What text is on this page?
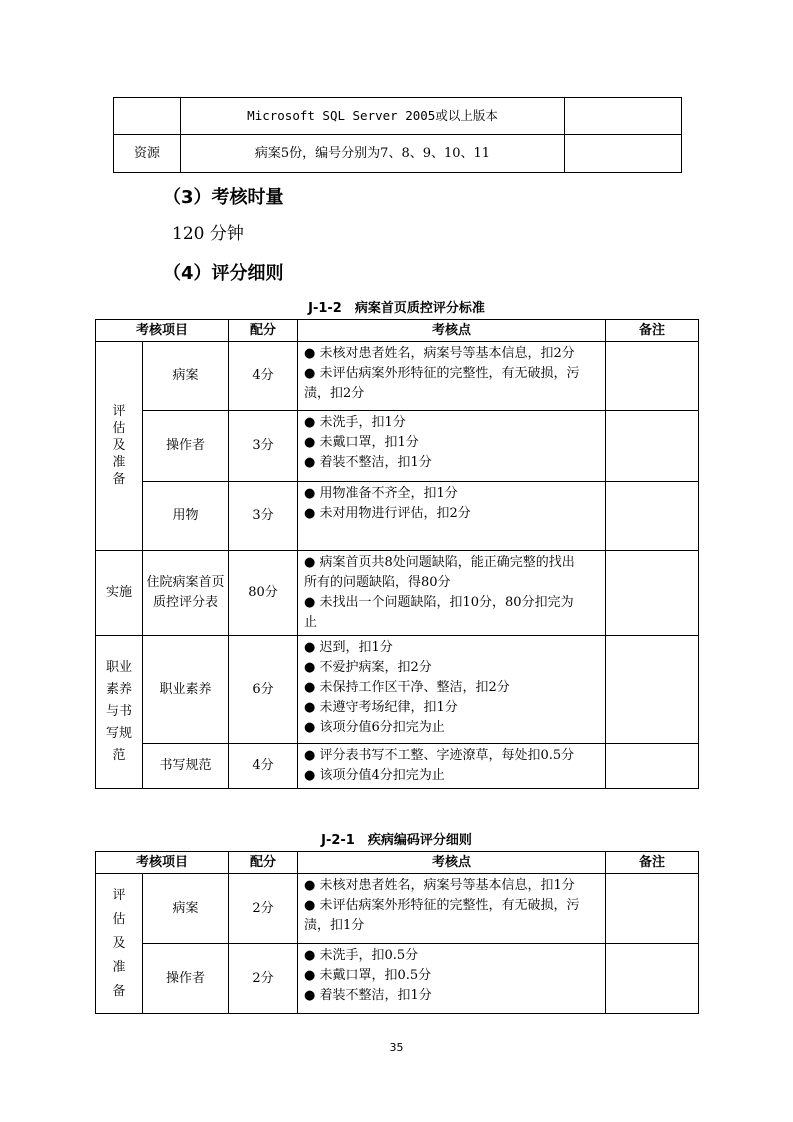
	Microsoft SQL Server 2005或以上版本	
资源	病案5份，编号分别为7、8、9、10、11	
（3）考核时量
120 分钟
（4）评分细则
J-1-2　病案首页质控评分标准
考核项目		配分	考核点	备注
评估及准备	病案	4分	● 未核对患者姓名，病案号等基本信息，扣2分
● 未评估病案外形特征的完整性，有无破损，污
渍，扣2分	

	操作者	3分	● 未洗手，扣1分
● 未戴口罩，扣1分
● 着装不整洁，扣1分	

	用物	3分	● 用物准备不齐全，扣1分
● 未对用物进行评估，扣2分	

实施	住院病案首页质控评分表	80分	● 病案首页共8处问题缺陷，能正确完整的找出
所有的问题缺陷，得80分
● 未找出一个问题缺陷，扣10分，80分扣完为
止	

职业素养与书写规范	职业素养	6分	● 迟到，扣1分
● 不爱护病案，扣2分
● 未保持工作区干净、整洁，扣2分
● 未遵守考场纪律，扣1分
● 该项分值6分扣完为止	

	书写规范	4分	● 评分表书写不工整、字迹潦草，每处扣0.5分
● 该项分值4分扣完为止	

J-2-1　疾病编码评分细则
考核项目		配分	考核点	备注
评估及准备	病案	2分	● 未核对患者姓名，病案号等基本信息，扣1分
● 未评估病案外形特征的完整性，有无破损，污
渍，扣1分	

	操作者	2分	● 未洗手，扣0.5分
● 未戴口罩，扣0.5分
● 着装不整洁，扣1分	

35
